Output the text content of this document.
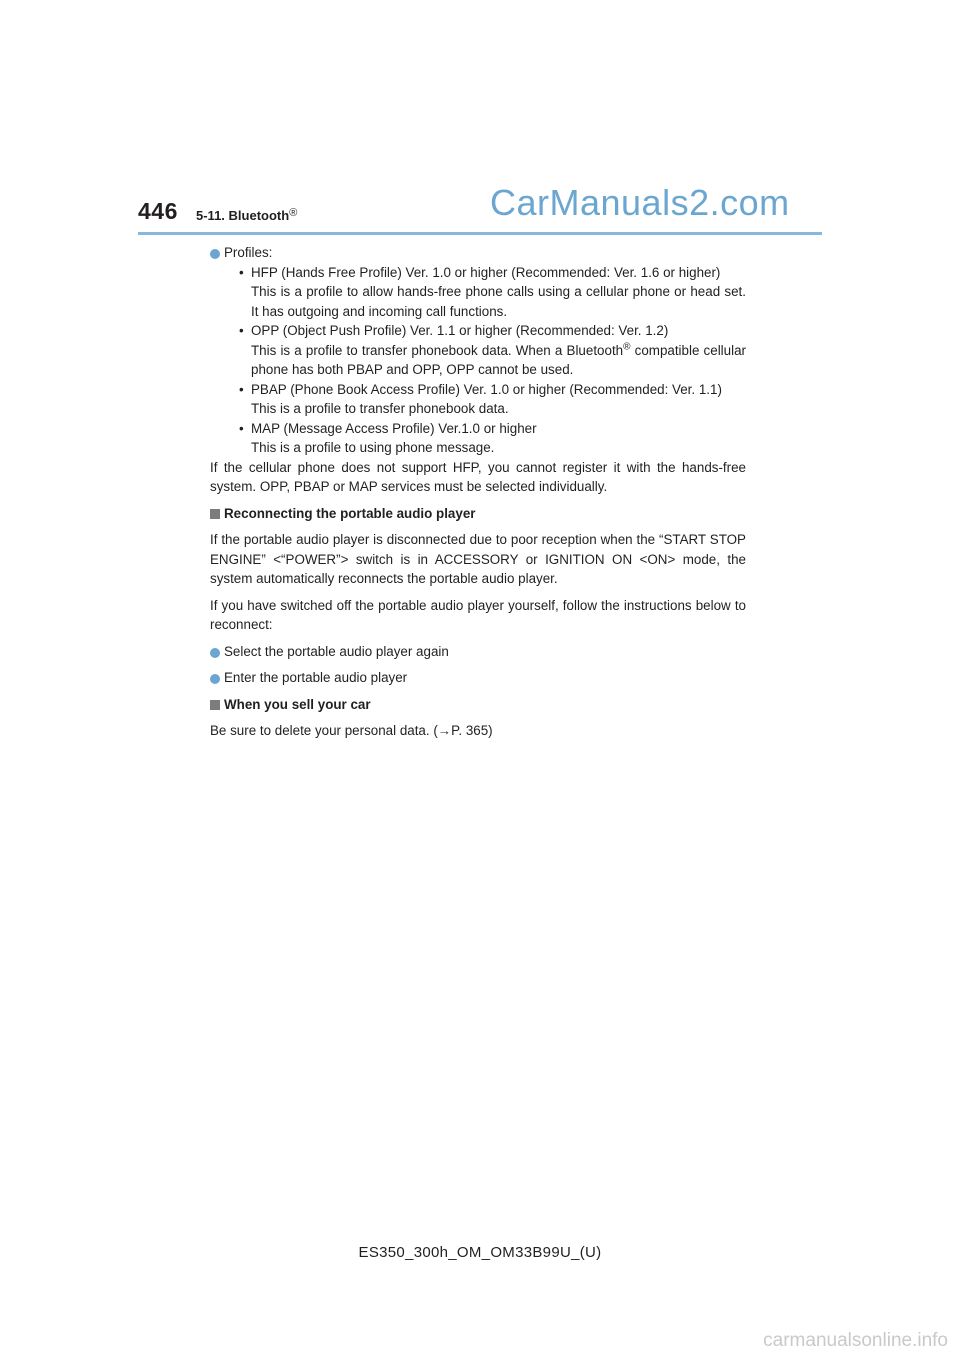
446 5-11. Bluetooth®	CarManuals2.com
Profiles:
• HFP (Hands Free Profile) Ver. 1.0 or higher (Recommended: Ver. 1.6 or higher)
This is a profile to allow hands-free phone calls using a cellular phone or head set. It has outgoing and incoming call functions.
• OPP (Object Push Profile) Ver. 1.1 or higher (Recommended: Ver. 1.2)
This is a profile to transfer phonebook data. When a Bluetooth® compatible cellular phone has both PBAP and OPP, OPP cannot be used.
• PBAP (Phone Book Access Profile) Ver. 1.0 or higher (Recommended: Ver. 1.1)
This is a profile to transfer phonebook data.
• MAP (Message Access Profile) Ver.1.0 or higher
This is a profile to using phone message.
If the cellular phone does not support HFP, you cannot register it with the hands-free system. OPP, PBAP or MAP services must be selected individually.
Reconnecting the portable audio player
If the portable audio player is disconnected due to poor reception when the “START STOP ENGINE” <“POWER”> switch is in ACCESSORY or IGNITION ON <ON> mode, the system automatically reconnects the portable audio player.
If you have switched off the portable audio player yourself, follow the instructions below to reconnect:
Select the portable audio player again
Enter the portable audio player
When you sell your car
Be sure to delete your personal data. (→P. 365)
ES350_300h_OM_OM33B99U_(U)
carmanualsonline.info
